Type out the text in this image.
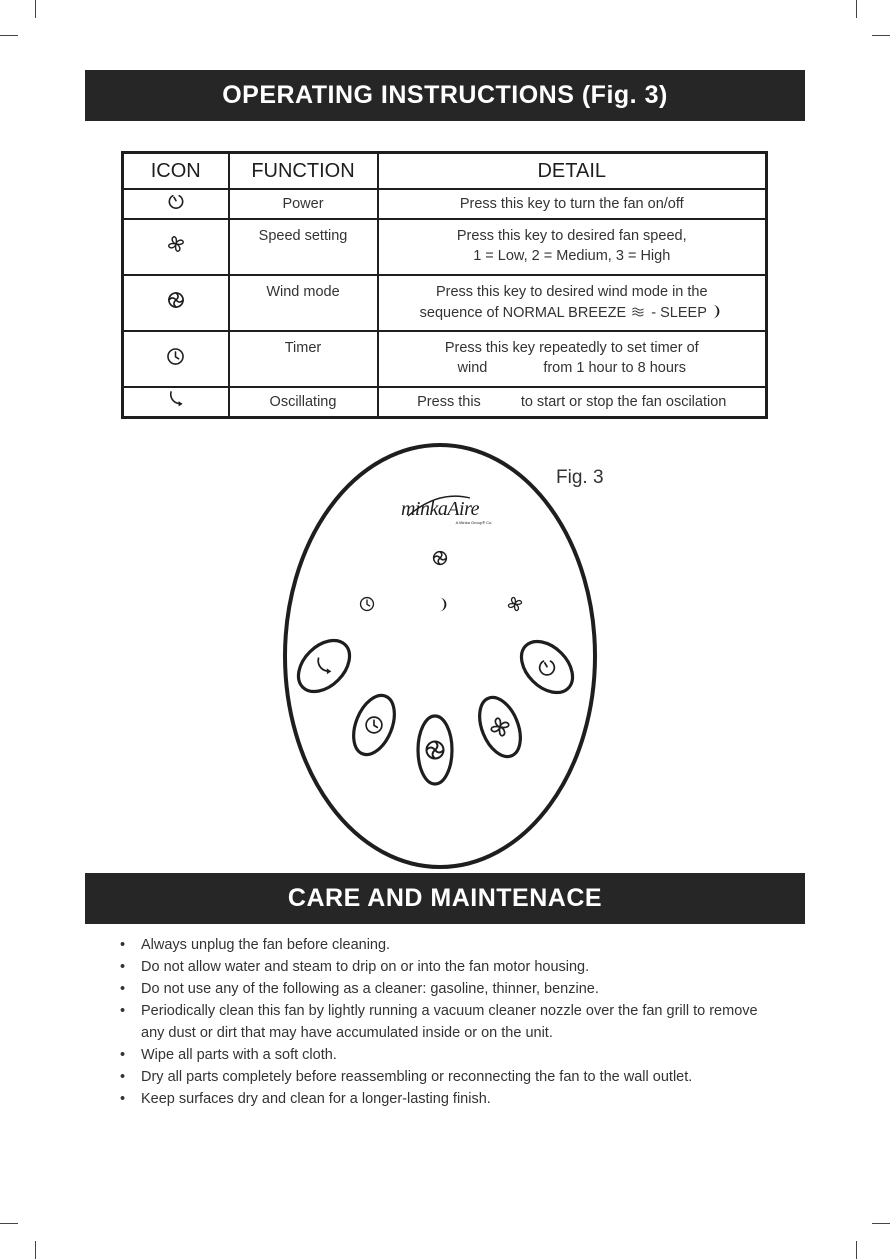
OPERATING INSTRUCTIONS (Fig. 3)
ICON	FUNCTION	DETAIL
	Power	Press this key to turn the fan on/off
	Speed setting	Press this key to desired fan speed,
1 = Low, 2 = Medium, 3 = High

	Wind mode	Press this key to desired wind mode in the
sequence of NORMAL BREEZE - SLEEP

	Timer	Press this key repeatedly to set timer of
wind from 1 hour to 8 hours

	Oscillating	Press this to start or stop the fan oscilation
Fig. 3
minkaAire
A Minka Group® Co.
CARE AND MAINTENACE
• Always unplug the fan before cleaning.
• Do not allow water and steam to drip on or into the fan motor housing.
• Do not use any of the following as a cleaner: gasoline, thinner, benzine.
• Periodically clean this fan by lightly running a vacuum cleaner nozzle over the fan grill to remove any dust or dirt that may have accumulated inside or on the unit.
• Wipe all parts with a soft cloth.
• Dry all parts completely before reassembling or reconnecting the fan to the wall outlet.
• Keep surfaces dry and clean for a longer-lasting finish.
